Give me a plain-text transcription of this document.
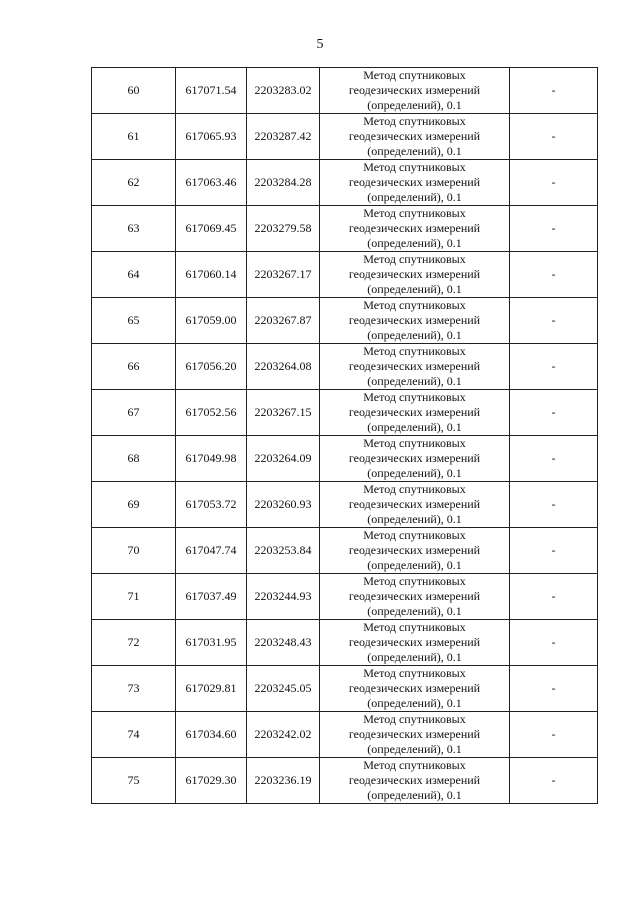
5
60	617071.54	2203283.02	Метод спутниковых
геодезических измерений
(определений), 0.1	-
61	617065.93	2203287.42	Метод спутниковых
геодезических измерений
(определений), 0.1	-
62	617063.46	2203284.28	Метод спутниковых
геодезических измерений
(определений), 0.1	-
63	617069.45	2203279.58	Метод спутниковых
геодезических измерений
(определений), 0.1	-
64	617060.14	2203267.17	Метод спутниковых
геодезических измерений
(определений), 0.1	-
65	617059.00	2203267.87	Метод спутниковых
геодезических измерений
(определений), 0.1	-
66	617056.20	2203264.08	Метод спутниковых
геодезических измерений
(определений), 0.1	-
67	617052.56	2203267.15	Метод спутниковых
геодезических измерений
(определений), 0.1	-
68	617049.98	2203264.09	Метод спутниковых
геодезических измерений
(определений), 0.1	-
69	617053.72	2203260.93	Метод спутниковых
геодезических измерений
(определений), 0.1	-
70	617047.74	2203253.84	Метод спутниковых
геодезических измерений
(определений), 0.1	-
71	617037.49	2203244.93	Метод спутниковых
геодезических измерений
(определений), 0.1	-
72	617031.95	2203248.43	Метод спутниковых
геодезических измерений
(определений), 0.1	-
73	617029.81	2203245.05	Метод спутниковых
геодезических измерений
(определений), 0.1	-
74	617034.60	2203242.02	Метод спутниковых
геодезических измерений
(определений), 0.1	-
75	617029.30	2203236.19	Метод спутниковых
геодезических измерений
(определений), 0.1	-
